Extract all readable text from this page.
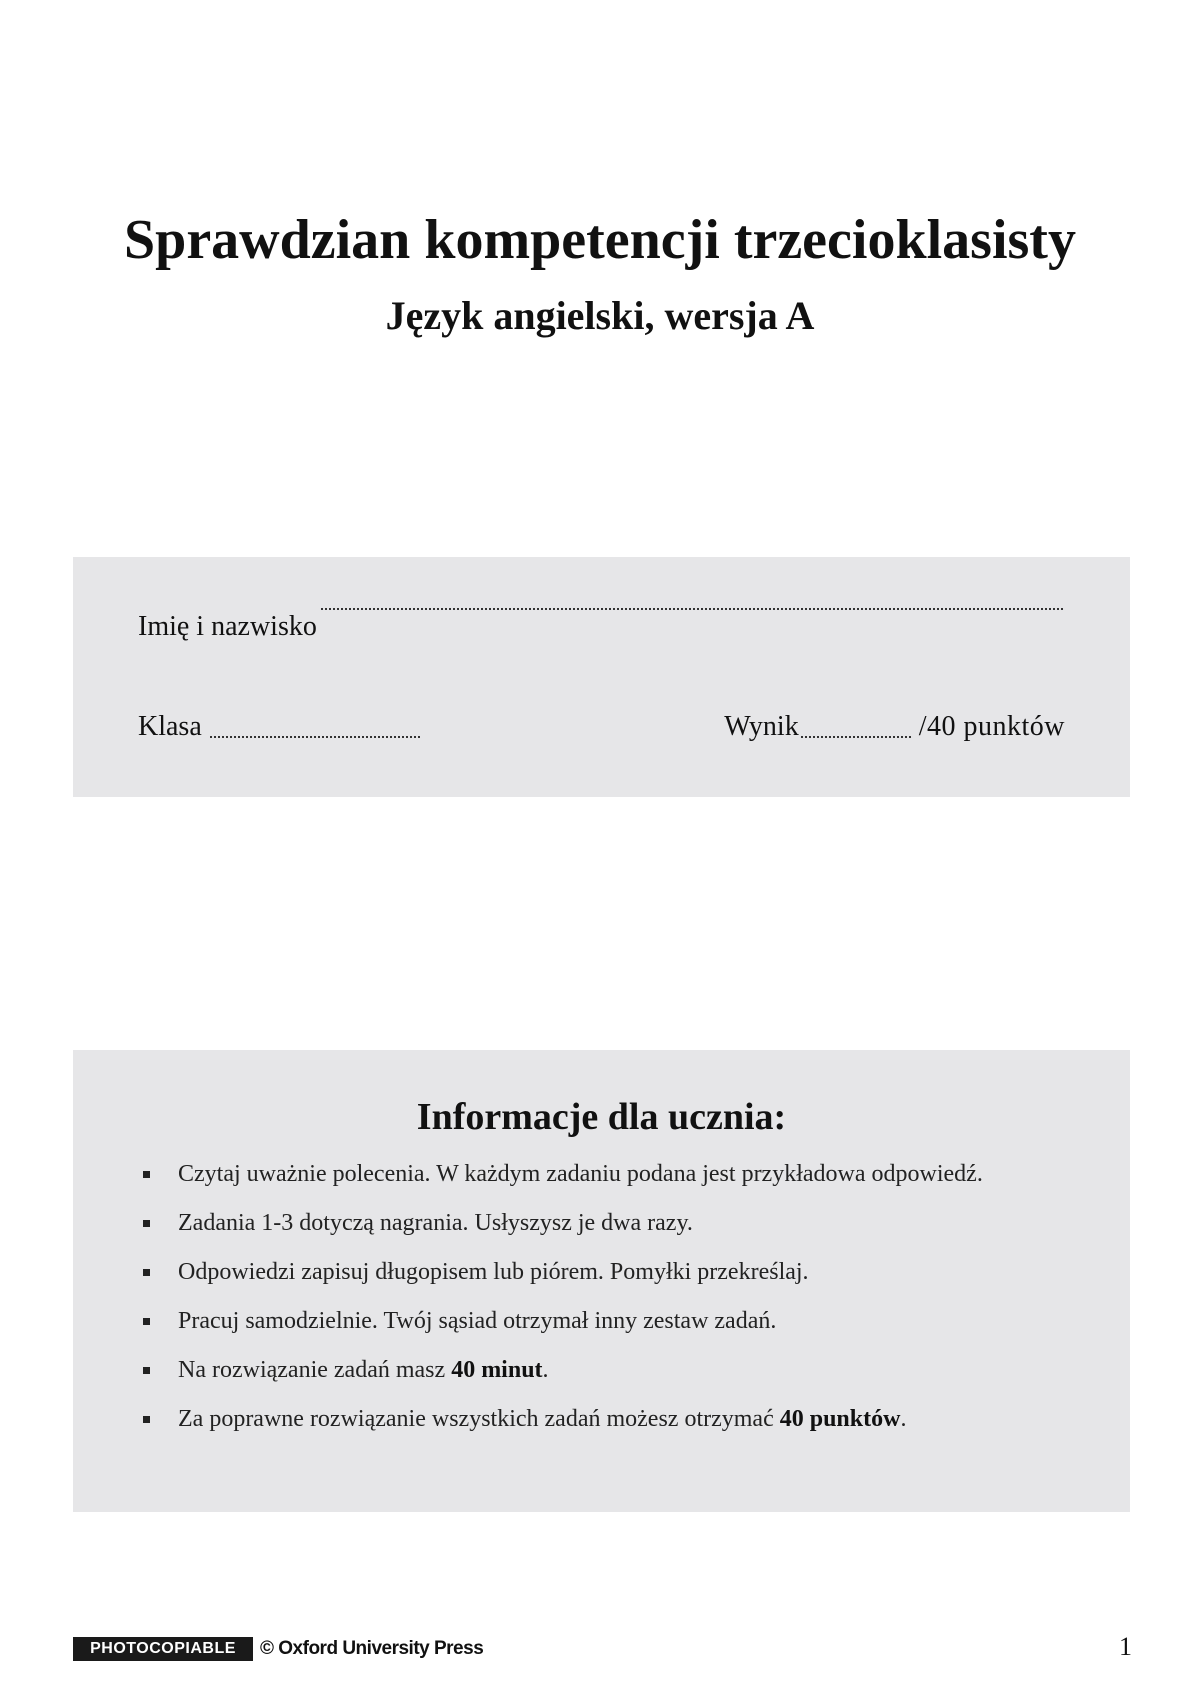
Sprawdzian kompetencji trzecioklasisty
Język angielski, wersja A
Imię i nazwisko
Klasa	Wynik	/40 punktów
Informacje dla ucznia:
Czytaj uważnie polecenia. W każdym zadaniu podana jest przykładowa odpowiedź.
Zadania 1-3 dotyczą nagrania. Usłyszysz je dwa razy.
Odpowiedzi zapisuj długopisem lub piórem. Pomyłki przekreślaj.
Pracuj samodzielnie. Twój sąsiad otrzymał inny zestaw zadań.
Na rozwiązanie zadań masz 40 minut.
Za poprawne rozwiązanie wszystkich zadań możesz otrzymać 40 punktów.
PHOTOCOPIABLE	© Oxford University Press	1
